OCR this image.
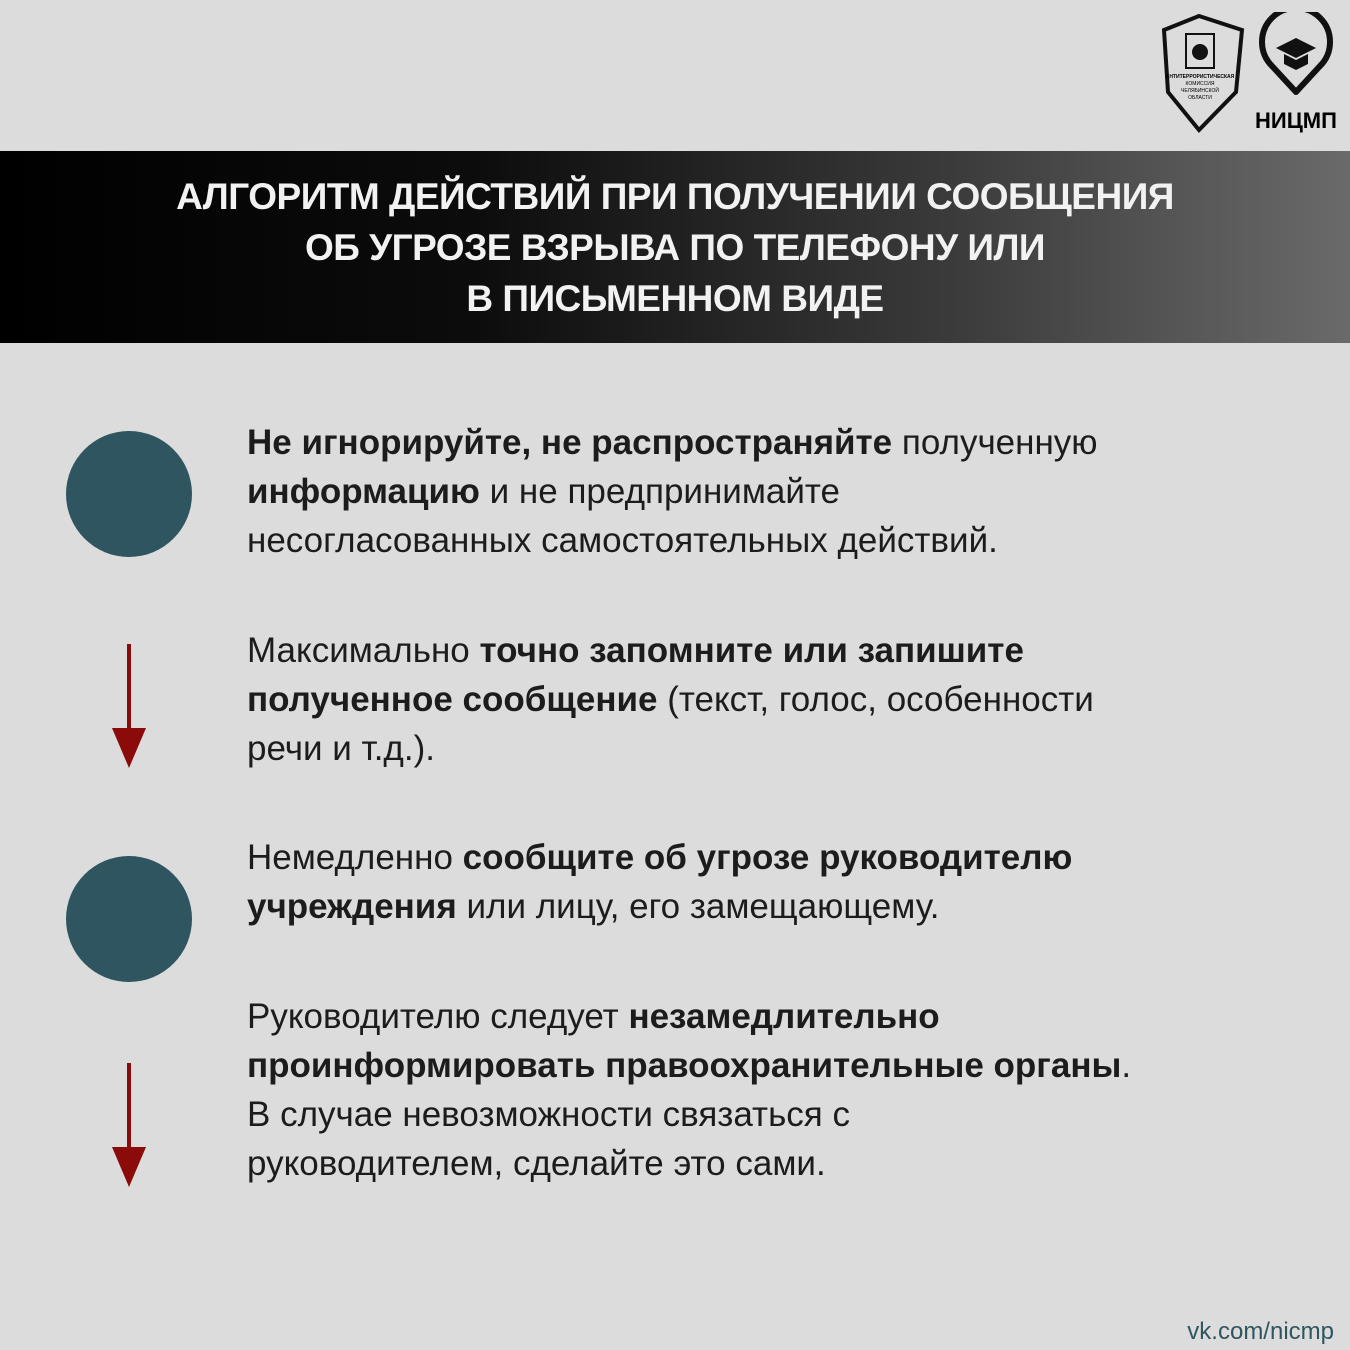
АНТИТЕРРОРИСТИЧЕСКАЯ
КОМИССИЯ
ЧЕЛЯБИНСКОЙ
ОБЛАСТИ
НИЦМП
АЛГОРИТМ ДЕЙСТВИЙ ПРИ ПОЛУЧЕНИИ СООБЩЕНИЯ
ОБ УГРОЗЕ ВЗРЫВА ПО ТЕЛЕФОНУ ИЛИ
В ПИСЬМЕННОМ ВИДЕ
Не игнорируйте, не распространяйте полученную
информацию и не предпринимайте
несогласованных самостоятельных действий.
Максимально точно запомните или запишите
полученное сообщение (текст, голос, особенности
речи и т.д.).
Немедленно сообщите об угрозе руководителю
учреждения или лицу, его замещающему.
Руководителю следует незамедлительно
проинформировать правоохранительные органы.
В случае невозможности связаться с
руководителем, сделайте это сами.
vk.com/nicmp
